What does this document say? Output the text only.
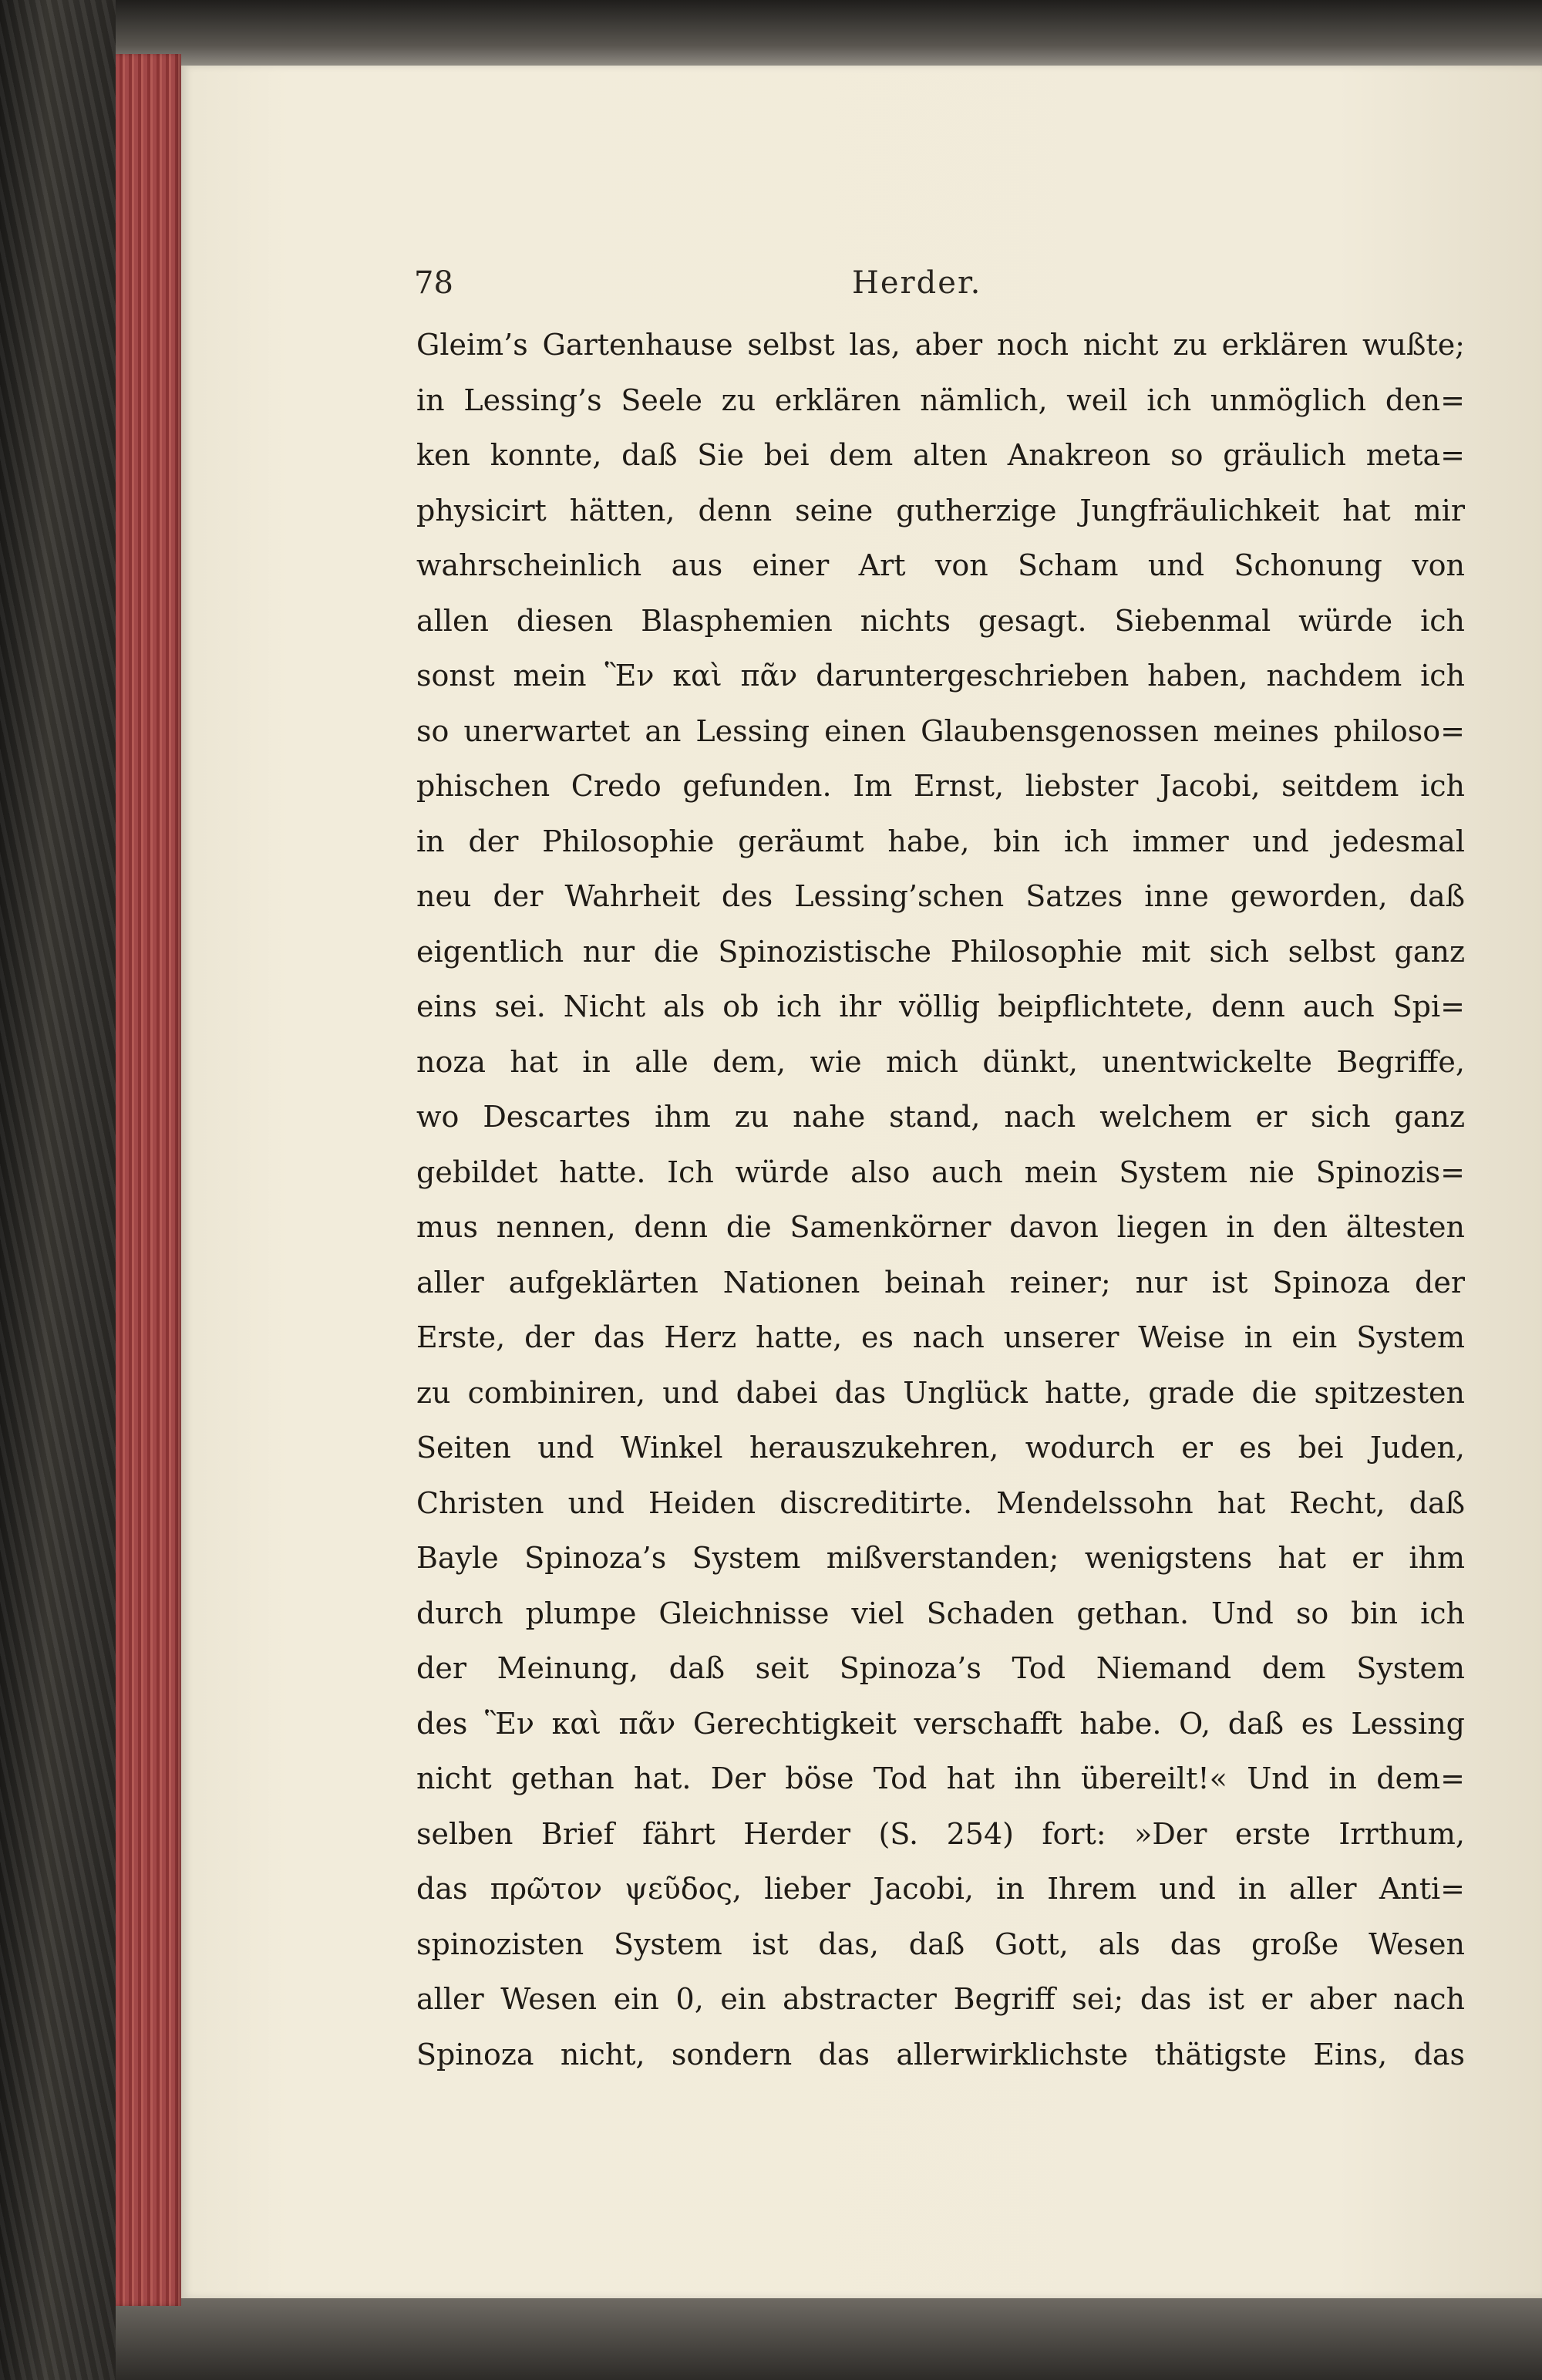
78	Herder.
Gleim’s Gartenhause selbst las, aber noch nicht zu erklären wußte;
in Lessing’s Seele zu erklären nämlich, weil ich unmöglich den=
ken konnte, daß Sie bei dem alten Anakreon so gräulich meta=
physicirt hätten, denn seine gutherzige Jungfräulichkeit hat mir
wahrscheinlich aus einer Art von Scham und Schonung von
allen diesen Blasphemien nichts gesagt. Siebenmal würde ich
sonst mein Ἓν καὶ πᾶν daruntergeschrieben haben, nachdem ich
so unerwartet an Lessing einen Glaubensgenossen meines philoso=
phischen Credo gefunden. Im Ernst, liebster Jacobi, seitdem ich
in der Philosophie geräumt habe, bin ich immer und jedesmal
neu der Wahrheit des Lessing’schen Satzes inne geworden, daß
eigentlich nur die Spinozistische Philosophie mit sich selbst ganz
eins sei. Nicht als ob ich ihr völlig beipflichtete, denn auch Spi=
noza hat in alle dem, wie mich dünkt, unentwickelte Begriffe,
wo Descartes ihm zu nahe stand, nach welchem er sich ganz
gebildet hatte. Ich würde also auch mein System nie Spinozis=
mus nennen, denn die Samenkörner davon liegen in den ältesten
aller aufgeklärten Nationen beinah reiner; nur ist Spinoza der
Erste, der das Herz hatte, es nach unserer Weise in ein System
zu combiniren, und dabei das Unglück hatte, grade die spitzesten
Seiten und Winkel herauszukehren, wodurch er es bei Juden,
Christen und Heiden discreditirte. Mendelssohn hat Recht, daß
Bayle Spinoza’s System mißverstanden; wenigstens hat er ihm
durch plumpe Gleichnisse viel Schaden gethan. Und so bin ich
der Meinung, daß seit Spinoza’s Tod Niemand dem System
des Ἓν καὶ πᾶν Gerechtigkeit verschafft habe. O, daß es Lessing
nicht gethan hat. Der böse Tod hat ihn übereilt!« Und in dem=
selben Brief fährt Herder (S. 254) fort: »Der erste Irrthum,
das πρῶτον ψεῦδος, lieber Jacobi, in Ihrem und in aller Anti=
spinozisten System ist das, daß Gott, als das große Wesen
aller Wesen ein 0, ein abstracter Begriff sei; das ist er aber nach
Spinoza nicht, sondern das allerwirklichste thätigste Eins, das
